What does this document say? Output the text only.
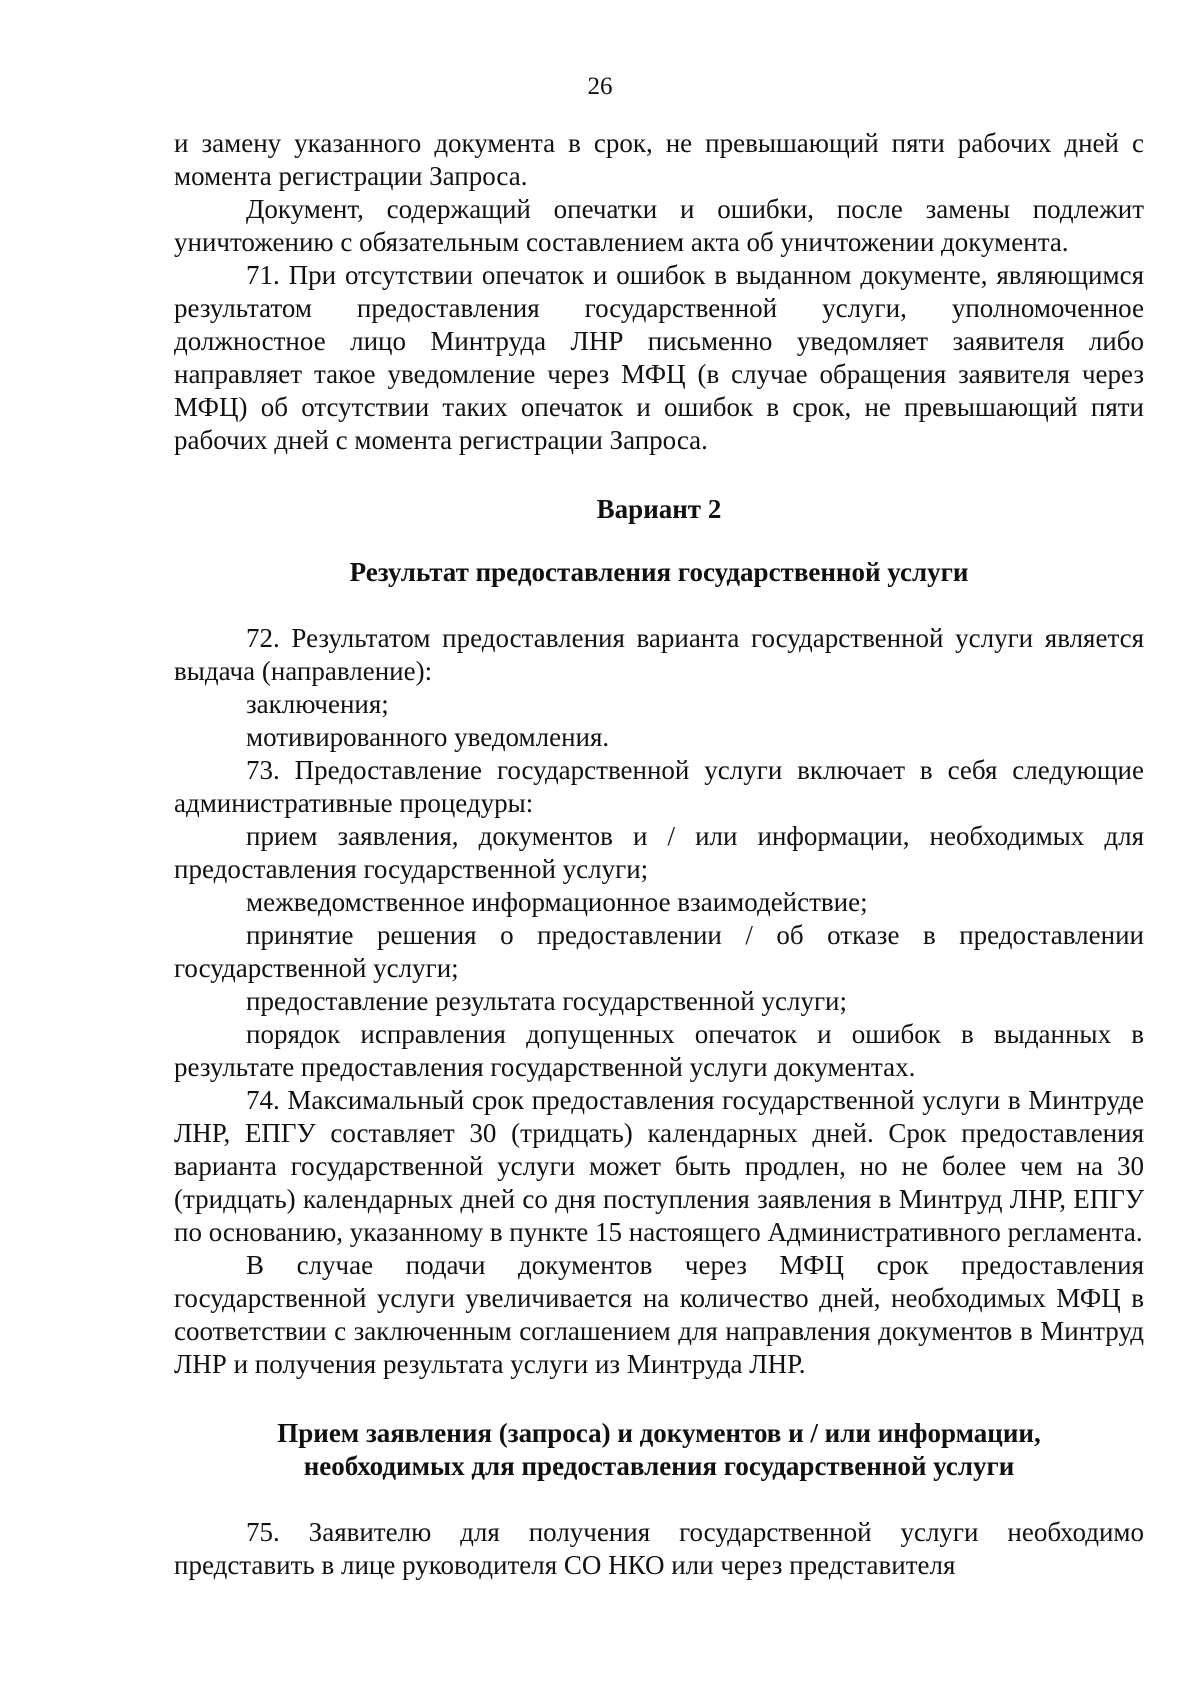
26

и замену указанного документа в срок, не превышающий пяти рабочих дней с момента регистрации Запроса.

Документ, содержащий опечатки и ошибки, после замены подлежит уничтожению с обязательным составлением акта об уничтожении документа.

71. При отсутствии опечаток и ошибок в выданном документе, являющимся результатом предоставления государственной услуги, уполномоченное должностное лицо Минтруда ЛНР письменно уведомляет заявителя либо направляет такое уведомление через МФЦ (в случае обращения заявителя через МФЦ) об отсутствии таких опечаток и ошибок в срок, не превышающий пяти рабочих дней с момента регистрации Запроса.

Вариант 2
Результат предоставления государственной услуги

72. Результатом предоставления варианта государственной услуги является выдача (направление):

заключения;

мотивированного уведомления.

73. Предоставление государственной услуги включает в себя следующие административные процедуры:

прием заявления, документов и / или информации, необходимых для предоставления государственной услуги;

межведомственное информационное взаимодействие;

принятие решения о предоставлении / об отказе в предоставлении государственной услуги;

предоставление результата государственной услуги;

порядок исправления допущенных опечаток и ошибок в выданных в результате предоставления государственной услуги документах.

74. Максимальный срок предоставления государственной услуги в Минтруде ЛНР, ЕПГУ составляет 30 (тридцать) календарных дней. Срок предоставления варианта государственной услуги может быть продлен, но не более чем на 30 (тридцать) календарных дней со дня поступления заявления в Минтруд ЛНР, ЕПГУ по основанию, указанному в пункте 15 настоящего Административного регламента.

В случае подачи документов через МФЦ срок предоставления государственной услуги увеличивается на количество дней, необходимых МФЦ в соответствии с заключенным соглашением для направления документов в Минтруд ЛНР и получения результата услуги из Минтруда ЛНР.

Прием заявления (запроса) и документов и / или информации,
необходимых для предоставления государственной услуги

75. Заявителю для получения государственной услуги необходимо представить в лице руководителя СО НКО или через представителя
